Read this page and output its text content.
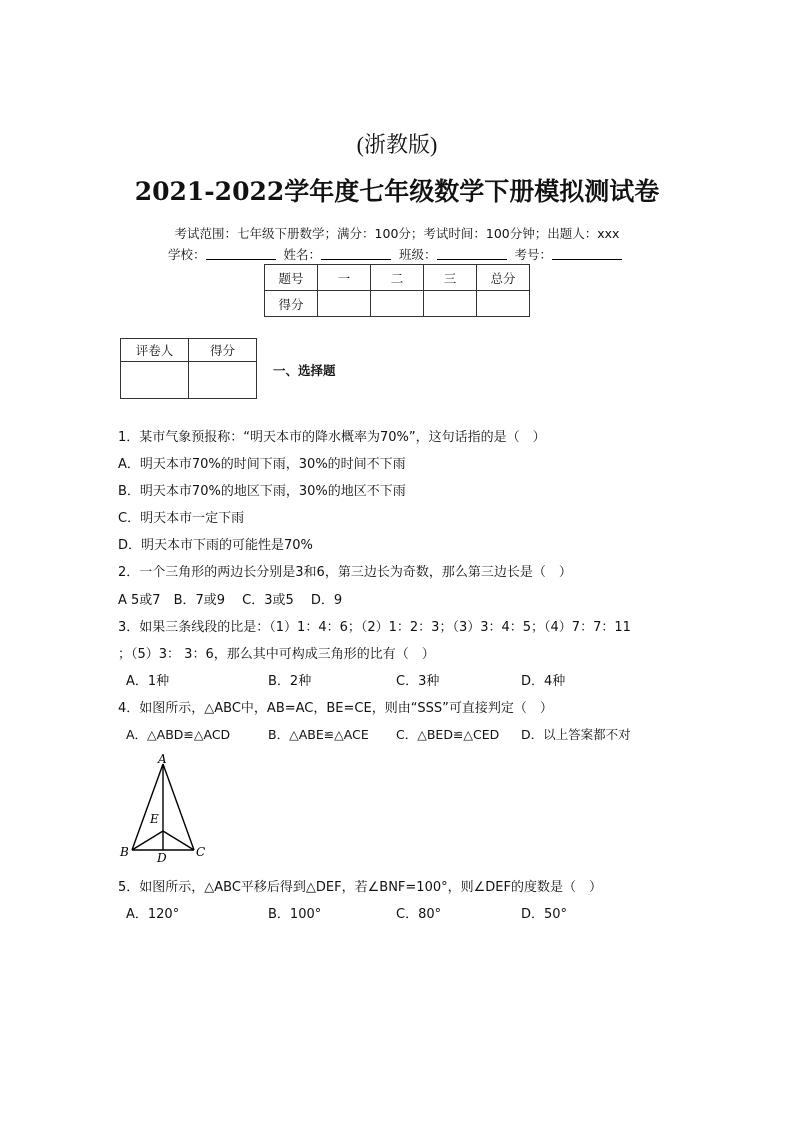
(浙教版)
2021-2022学年度七年级数学下册模拟测试卷
考试范围：七年级下册数学；满分：100分；考试时间：100分钟；出题人：xxx
学校：	姓名：	班级：	考号：
题号	一	二	三	总分
得分				
评卷人	得分

一、选择题
1．某市气象预报称：“明天本市的降水概率为70%”，这句话指的是（　）
A．明天本市70%的时间下雨，30%的时间不下雨
B．明天本市70%的地区下雨，30%的地区不下雨
C．明天本市一定下雨
D．明天本市下雨的可能性是70%
2．一个三角形的两边长分别是3和6，第三边长为奇数，那么第三边长是（　）
A 5或7　B．7或9　 C．3或5　 D．9
3．如果三条线段的比是：（1）1：4：6；（2）1：2：3；（3）3：4：5；（4）7：7：11
；（5）3： 3：6，那么其中可构成三角形的比有（　）
A．1种	B．2种	C．3种	D．4种
4．如图所示，△ABC中，AB=AC，BE=CE，则由“SSS”可直接判定（　）
A．△ABD≌△ACD	B．△ABE≌△ACE C．△BED≌△CED D．以上答案都不对
A
E
B D C
5．如图所示，△ABC平移后得到△DEF，若∠BNF=100°，则∠DEF的度数是（　）
A．120°	B．100°	C．80°	D．50°
